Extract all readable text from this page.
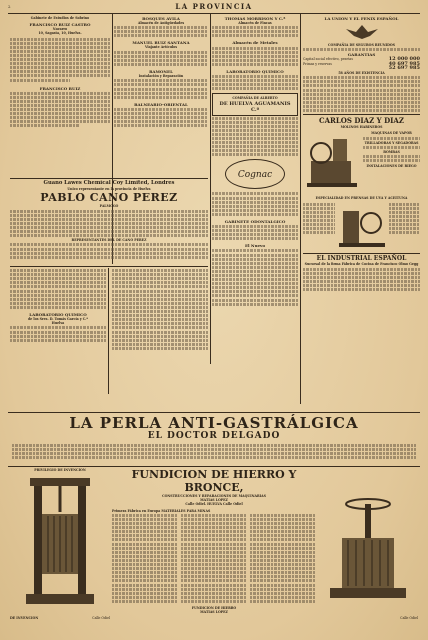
2	LA PROVINCIA
Gabinete de Estudios de Sobrino
FRANCISCO RUIZ CASTRO
Navarro
10, Sagasta, 10, Huelva.
FRANCISCO RUIZ
BOSQUES AVILA
Almacén de Antigüedades
MANUEL RUIZ SANTANA
Viajante Artículos
RAMONEL
Instalación y Reparación
BALNEARIO-ORIENTAL
Guano Lawes Chemical Coy Limited, Londres
Unico representante en la provincia de Huelva
PABLO CANO PEREZ
PALMOGO
REPRESENTANTES DEL DE CANO PEREZ
LABORATORIO QUIMICO
de los Sres. D. Tomás García y C.ª
Huelva
THOMAS MORRISON Y C.ª
Almacén de Fincas
Almacén de Metales
LABORATORIO QUIMICO
COMPAÑIA DE ALBERTO
DE HUELVA AGUAMANIS C.ª
Cognac
GABINETE ODONTALGICO
El Nuevo
LA UNION Y EL FENIX ESPAÑOL
COMPAÑIA DE SEGUROS REUNIDOS
GARANTIAS
Capital social efectivo, pesetas	12 000 000
Primas y reservas	40 697 985
52 697 985
58 AÑOS DE EXISTENCIA
CARLOS DIAZ Y DIAZ
MOLINOS HARINEROS
MAQUINAS DE VAPOR
TRILLADORAS Y SEGADORAS
BOMBAS
INSTALACIONES DE RIEGO
ESPECIALIDAD EN PRENSAS DE UVA Y ACEITUNA
EL INDUSTRIAL ESPAÑOL
Sucursal de la firma Fábrica de Cocina de Francisco Olmo Gegg
LA PERLA ANTI-GASTRÁLGICA
EL DOCTOR DELGADO
PRIVILEGIO DE INVENCION
DE INVENCION	Calle Odiel
FUNDICION DE HIERRO Y BRONCE,
CONSTRUCCIONES Y REPARACIONES DE MAQUINARIAS
MATIAS LOPEZ
Calle Odiel. HUELVA Calle Odiel
Primera Fábrica en Europa MATERIALES PARA MINAS
FUNDICION DE HIERRO
MATIAS LOPEZ
Calle Odiel
